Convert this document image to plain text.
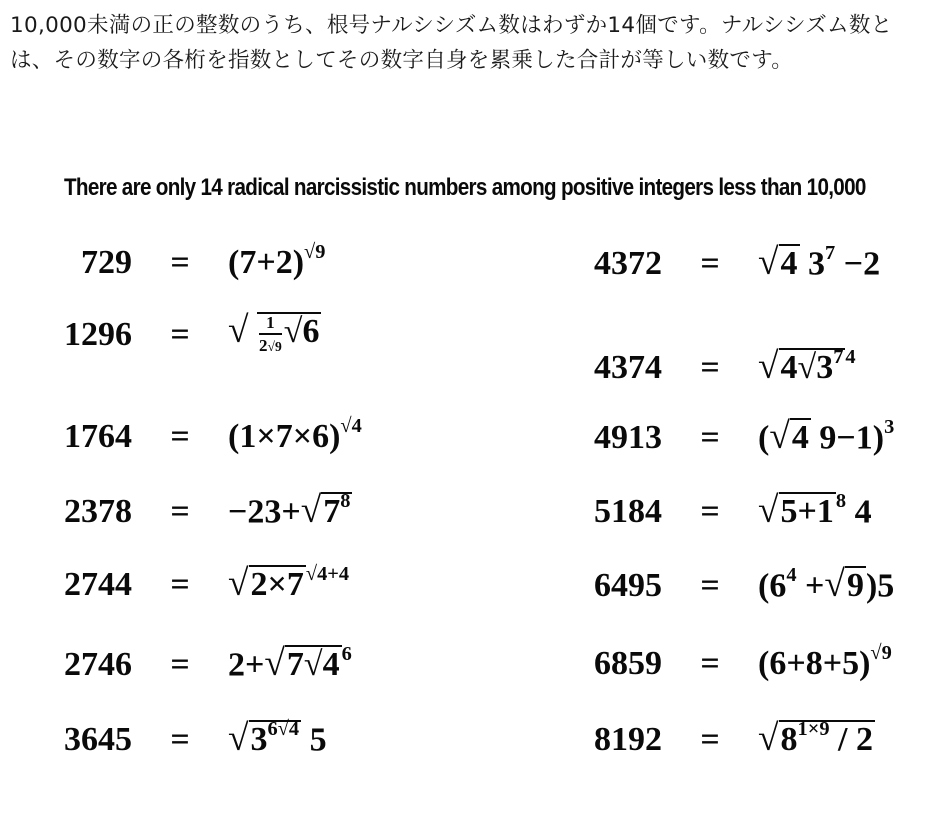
10,000未満の正の整数のうち、根号ナルシシズム数はわずか14個です。ナルシシズム数とは、その数字の各桁を指数としてその数字自身を累乗した合計が等しい数です。

There are only 14 radical narcissistic numbers among positive integers less than 10,000
729	=	$(7+2)^{√9}$
1296	=	√ $\frac{1}{2√9} √6$
1764	=	$(1\times 7\times 6)^{√4}$
2378	=	−23+ √ $7^8$
2744	=	√ 2×7 $^{√4+4}$
2746	=	2+ √ 7√4 $^6$
3645	=	√ $3^{6√4}$ 5
4372	=	√ 4 $3^7 -2$
4374	=	√ $4√3^7$ $^4$
4913	=	( √ 4 9−1)$^3$
5184	=	√ 5+1 $^8$ 4
6495	=	($6^4$ + √ 9 )5
6859	=	$(6+8+5)^{√9}$
8192	=	√ $8^{1\times 9} / 2$
